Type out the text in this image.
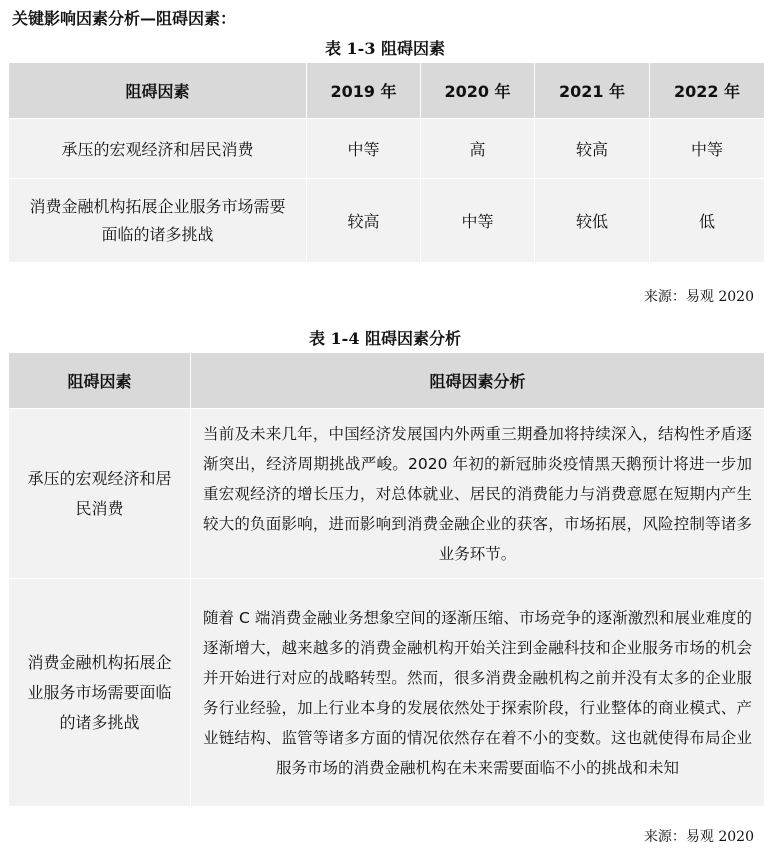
关键影响因素分析—阻碍因素：
表 1-3 阻碍因素
阻碍因素	2019 年	2020 年	2021 年	2022 年
承压的宏观经济和居民消费	中等	高	较高	中等
消费金融机构拓展企业服务市场需要面临的诸多挑战	较高	中等	较低	低
来源：易观 2020
表 1-4 阻碍因素分析
阻碍因素	阻碍因素分析
承压的宏观经济和居民消费	当前及未来几年，中国经济发展国内外两重三期叠加将持续深入，结构性矛盾逐渐突出，经济周期挑战严峻。2020 年初的新冠肺炎疫情黑天鹅预计将进一步加重宏观经济的增长压力，对总体就业、居民的消费能力与消费意愿在短期内产生较大的负面影响，进而影响到消费金融企业的获客，市场拓展，风险控制等诸多业务环节。
消费金融机构拓展企业服务市场需要面临的诸多挑战	随着 C 端消费金融业务想象空间的逐渐压缩、市场竞争的逐渐激烈和展业难度的逐渐增大，越来越多的消费金融机构开始关注到金融科技和企业服务市场的机会并开始进行对应的战略转型。然而，很多消费金融机构之前并没有太多的企业服务行业经验，加上行业本身的发展依然处于探索阶段，行业整体的商业模式、产业链结构、监管等诸多方面的情况依然存在着不小的变数。这也就使得布局企业服务市场的消费金融机构在未来需要面临不小的挑战和未知
来源：易观 2020
